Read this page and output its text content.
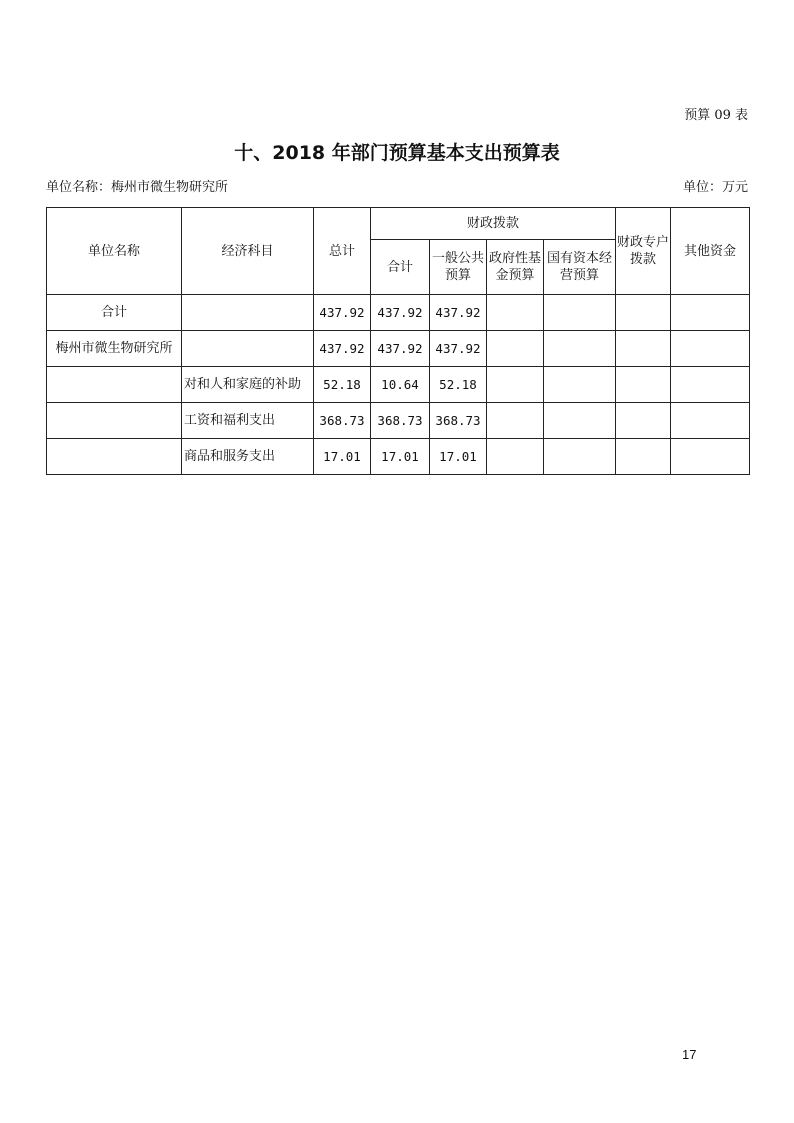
预算 09 表
十、2018 年部门预算基本支出预算表
单位名称：梅州市微生物研究所	单位：万元
单位名称	经济科目	总计	财政拨款				财政专户拨款	其他资金
			合计	一般公共预算	政府性基金预算	国有资本经营预算		
合计		437.92	437.92	437.92				
梅州市微生物研究所		437.92	437.92	437.92				
	对和人和家庭的补助	52.18	10.64	52.18				
	工资和福利支出	368.73	368.73	368.73				
	商品和服务支出	17.01	17.01	17.01				
17
